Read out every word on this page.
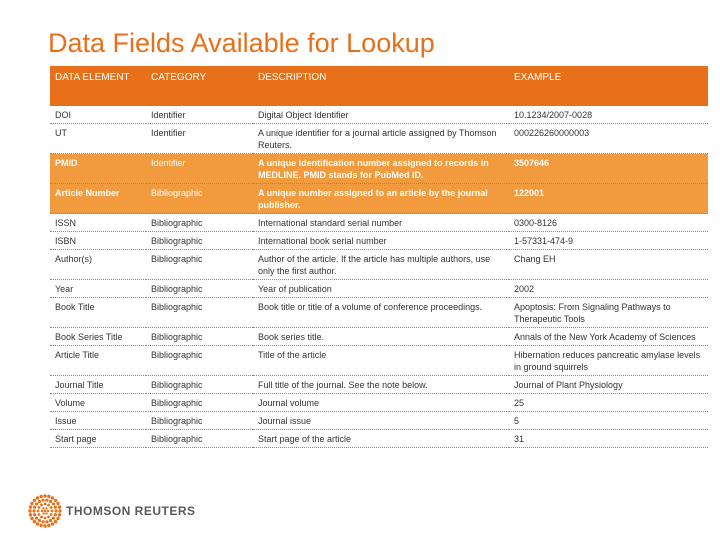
Data Fields Available for Lookup
DATA ELEMENT	CATEGORY	DESCRIPTION	EXAMPLE
DOI	Identifier	Digital Object Identifier	10.1234/2007-0028
UT	Identifier	A unique identifier for a journal article assigned by Thomson Reuters.	000226260000003
PMID	Identifier	A unique identification number assigned to records in MEDLINE. PMID stands for PubMed ID.	3507646
Article Number	Bibliographic	A unique number assigned to an article by the journal publisher.	122001
ISSN	Bibliographic	International standard serial number	0300-8126
ISBN	Bibliographic	International book serial number	1-57331-474-9
Author(s)	Bibliographic	Author of the article. If the article has multiple authors, use only the first author.	Chang EH
Year	Bibliographic	Year of publication	2002
Book Title	Bibliographic	Book title or title of a volume of conference proceedings.	Apoptosis: From Signaling Pathways to Therapeutic Tools
Book Series Title	Bibliographic	Book series title.	Annals of the New York Academy of Sciences
Article Title	Bibliographic	Title of the article	Hibernation reduces pancreatic amylase levels in ground squirrels
Journal Title	Bibliographic	Full title of the journal. See the note below.	Journal of Plant Physiology
Volume	Bibliographic	Journal volume	25
Issue	Bibliographic	Journal issue	5
Start page	Bibliographic	Start page of the article	31
THOMSON REUTERS
